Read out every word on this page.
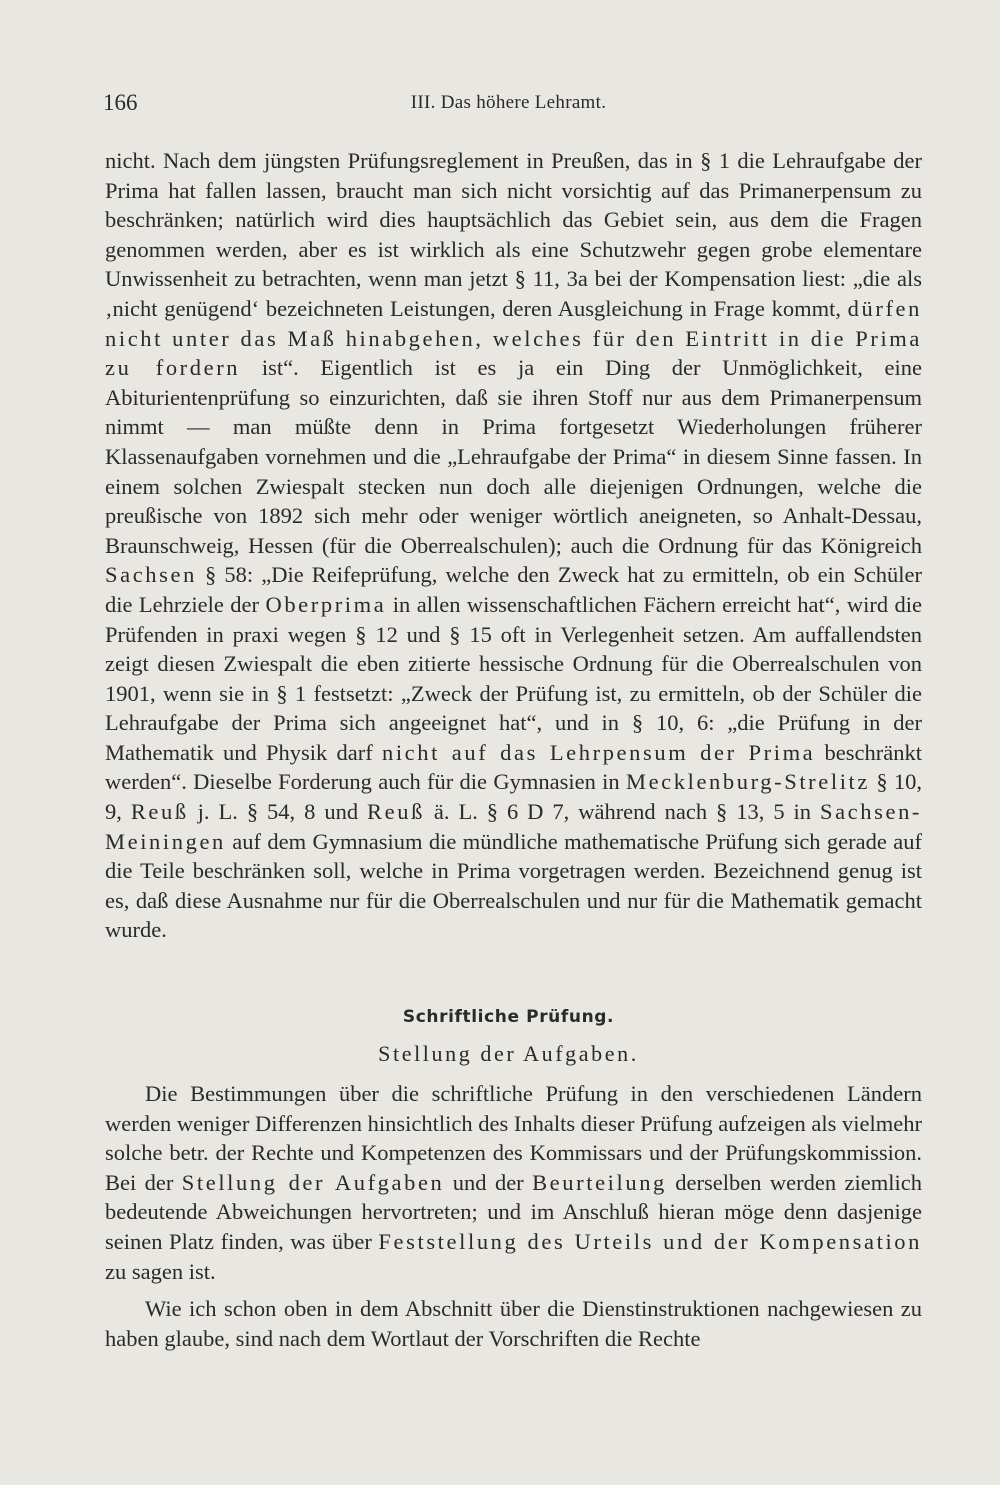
166	III. Das höhere Lehramt.

nicht. Nach dem jüngsten Prüfungsreglement in Preußen, das in § 1 die Lehraufgabe der Prima hat fallen lassen, braucht man sich nicht vorsichtig auf das Primanerpensum zu beschränken; natürlich wird dies hauptsächlich das Gebiet sein, aus dem die Fragen genommen werden, aber es ist wirklich als eine Schutzwehr gegen grobe elementare Unwissenheit zu betrachten, wenn man jetzt § 11, 3a bei der Kompensation liest: „die als ‚nicht genügend‘ bezeichneten Leistungen, deren Ausgleichung in Frage kommt, dürfen nicht unter das Maß hinabgehen, welches für den Eintritt in die Prima zu fordern ist“. Eigentlich ist es ja ein Ding der Unmöglichkeit, eine Abiturientenprüfung so einzurichten, daß sie ihren Stoff nur aus dem Primanerpensum nimmt — man müßte denn in Prima fortgesetzt Wiederholungen früherer Klassenaufgaben vornehmen und die „Lehraufgabe der Prima“ in diesem Sinne fassen. In einem solchen Zwiespalt stecken nun doch alle diejenigen Ordnungen, welche die preußische von 1892 sich mehr oder weniger wörtlich aneigneten, so Anhalt-Dessau, Braunschweig, Hessen (für die Oberrealschulen); auch die Ordnung für das Königreich Sachsen § 58: „Die Reifeprüfung, welche den Zweck hat zu ermitteln, ob ein Schüler die Lehrziele der Oberprima in allen wissenschaftlichen Fächern erreicht hat“, wird die Prüfenden in praxi wegen § 12 und § 15 oft in Verlegenheit setzen. Am auffallendsten zeigt diesen Zwiespalt die eben zitierte hessische Ordnung für die Oberrealschulen von 1901, wenn sie in § 1 festsetzt: „Zweck der Prüfung ist, zu ermitteln, ob der Schüler die Lehraufgabe der Prima sich angeeignet hat“, und in § 10, 6: „die Prüfung in der Mathematik und Physik darf nicht auf das Lehrpensum der Prima beschränkt werden“. Dieselbe Forderung auch für die Gymnasien in Mecklenburg-Strelitz § 10, 9, Reuß j. L. § 54, 8 und Reuß ä. L. § 6 D 7, während nach § 13, 5 in Sachsen-Meiningen auf dem Gymnasium die mündliche mathematische Prüfung sich gerade auf die Teile beschränken soll, welche in Prima vorgetragen werden. Bezeichnend genug ist es, daß diese Ausnahme nur für die Oberrealschulen und nur für die Mathematik gemacht wurde.

Schriftliche Prüfung.
Stellung der Aufgaben.

Die Bestimmungen über die schriftliche Prüfung in den verschiedenen Ländern werden weniger Differenzen hinsichtlich des Inhalts dieser Prüfung aufzeigen als vielmehr solche betr. der Rechte und Kompetenzen des Kommissars und der Prüfungskommission. Bei der Stellung der Aufgaben und der Beurteilung derselben werden ziemlich bedeutende Abweichungen hervortreten; und im Anschluß hieran möge denn dasjenige seinen Platz finden, was über Feststellung des Urteils und der Kompensation zu sagen ist.

Wie ich schon oben in dem Abschnitt über die Dienstinstruktionen nachgewiesen zu haben glaube, sind nach dem Wortlaut der Vorschriften die Rechte
